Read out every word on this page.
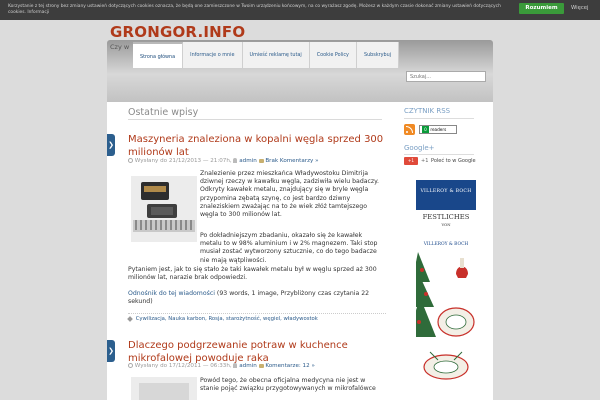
Korzystanie z tej strony bez zmiany ustawień dotyczących cookies oznacza, że będą one zamieszczone w Twoim urządzeniu końcowym, na co wyrażasz zgodę. Możesz w każdym czasie dokonać zmiany ustawień dotyczących cookies. Informacji
Rozumiem	Więcej
GRONGOR.INFO
Czy w
Strona główna	Informacje o mnie	Umieść reklamę tutaj	Cookie Policy	Subskrybuj
Szukaj...
Ostatnie wpisy
❯ Maszyneria znaleziona w kopalni węgla sprzed 300 milionów lat
Wysłany do 21/12/2013 — 21:07h, admin Brak Komentarzy »
Znalezienie przez mieszkańca Władywostoku Dimitrija dziwnej rzeczy w kawałku węgla, zadziwiła wielu badaczy. Odkryty kawałek metalu, znajdujący się w bryle węgla przypomina zębatą szynę, co jest bardzo dziwny znaleziskiem zważając na to że wiek złóż tamtejszego węgla to 300 milionów lat.
Po dokładniejszym zbadaniu, okazało się że kawałek metalu to w 98% aluminium i w 2% magnezem. Taki stop musiał zostać wytworzony sztucznie, co do tego badacze nie mają wątpliwości.
Pytaniem jest, jak to się stało że taki kawałek metalu był w węglu sprzed aż 300 milionów lat, narazie brak odpowiedzi.
Odnośnik do tej wiadomości (93 words, 1 image, Przybliżony czas czytania 22 sekund)
Cywilizacja, Nauka karbon, Rosja, starożytność, węgiel, władywostok
❯ Dlaczego podgrzewanie potraw w kuchence mikrofalowej powoduje raka
Wysłany do 17/12/2011 — 06:33h, admin Komentarze: 12 »
Powód tego, że obecna oficjalna medycyna nie jest w stanie pojąć związku przygotowywanych w mikrofalówce
CZYTNIK RSS
0 readers
Google+
+1	+1 Poleć to w Google
VILLEROY & BOCH
FESTLICHES
VON
VILLEROY & BOCH
